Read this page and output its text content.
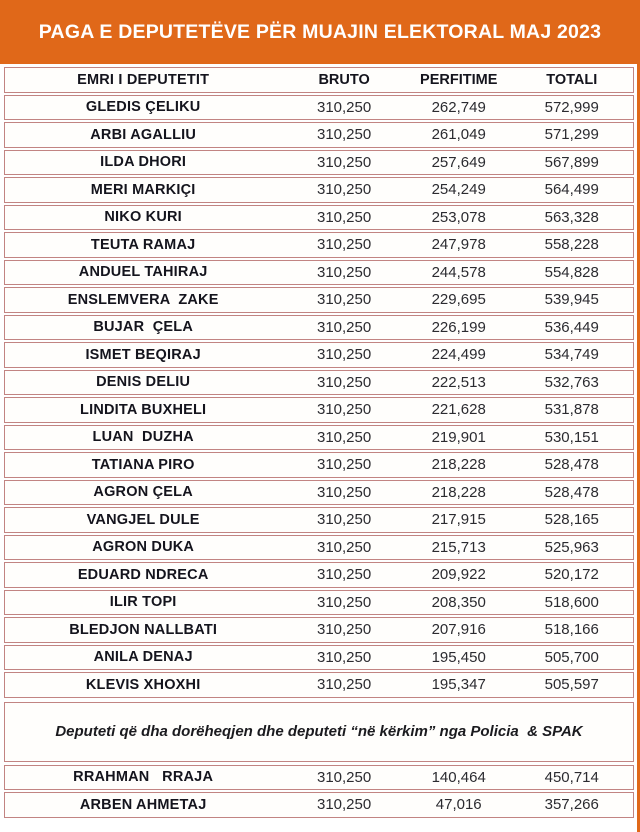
PAGA E DEPUTETËVE PËR MUAJIN ELEKTORAL MAJ 2023
EMRI I DEPUTETIT	BRUTO	PERFITIME	TOTALI
GLEDIS ÇELIKU	310,250	262,749	572,999
ARBI AGALLIU	310,250	261,049	571,299
ILDA DHORI	310,250	257,649	567,899
MERI MARKIÇI	310,250	254,249	564,499
NIKO KURI	310,250	253,078	563,328
TEUTA RAMAJ	310,250	247,978	558,228
ANDUEL TAHIRAJ	310,250	244,578	554,828
ENSLEMVERA  ZAKE	310,250	229,695	539,945
BUJAR  ÇELA	310,250	226,199	536,449
ISMET BEQIRAJ	310,250	224,499	534,749
DENIS DELIU	310,250	222,513	532,763
LINDITA BUXHELI	310,250	221,628	531,878
LUAN  DUZHA	310,250	219,901	530,151
TATIANA PIRO	310,250	218,228	528,478
AGRON ÇELA	310,250	218,228	528,478
VANGJEL DULE	310,250	217,915	528,165
AGRON DUKA	310,250	215,713	525,963
EDUARD NDRECA	310,250	209,922	520,172
ILIR TOPI	310,250	208,350	518,600
BLEDJON NALLBATI	310,250	207,916	518,166
ANILA DENAJ	310,250	195,450	505,700
KLEVIS XHOXHI	310,250	195,347	505,597
Deputeti që dha dorëheqjen dhe deputeti “në kërkim” nga Policia  & SPAK
RRAHMAN   RRAJA	310,250	140,464	450,714
ARBEN AHMETAJ	310,250	47,016	357,266
